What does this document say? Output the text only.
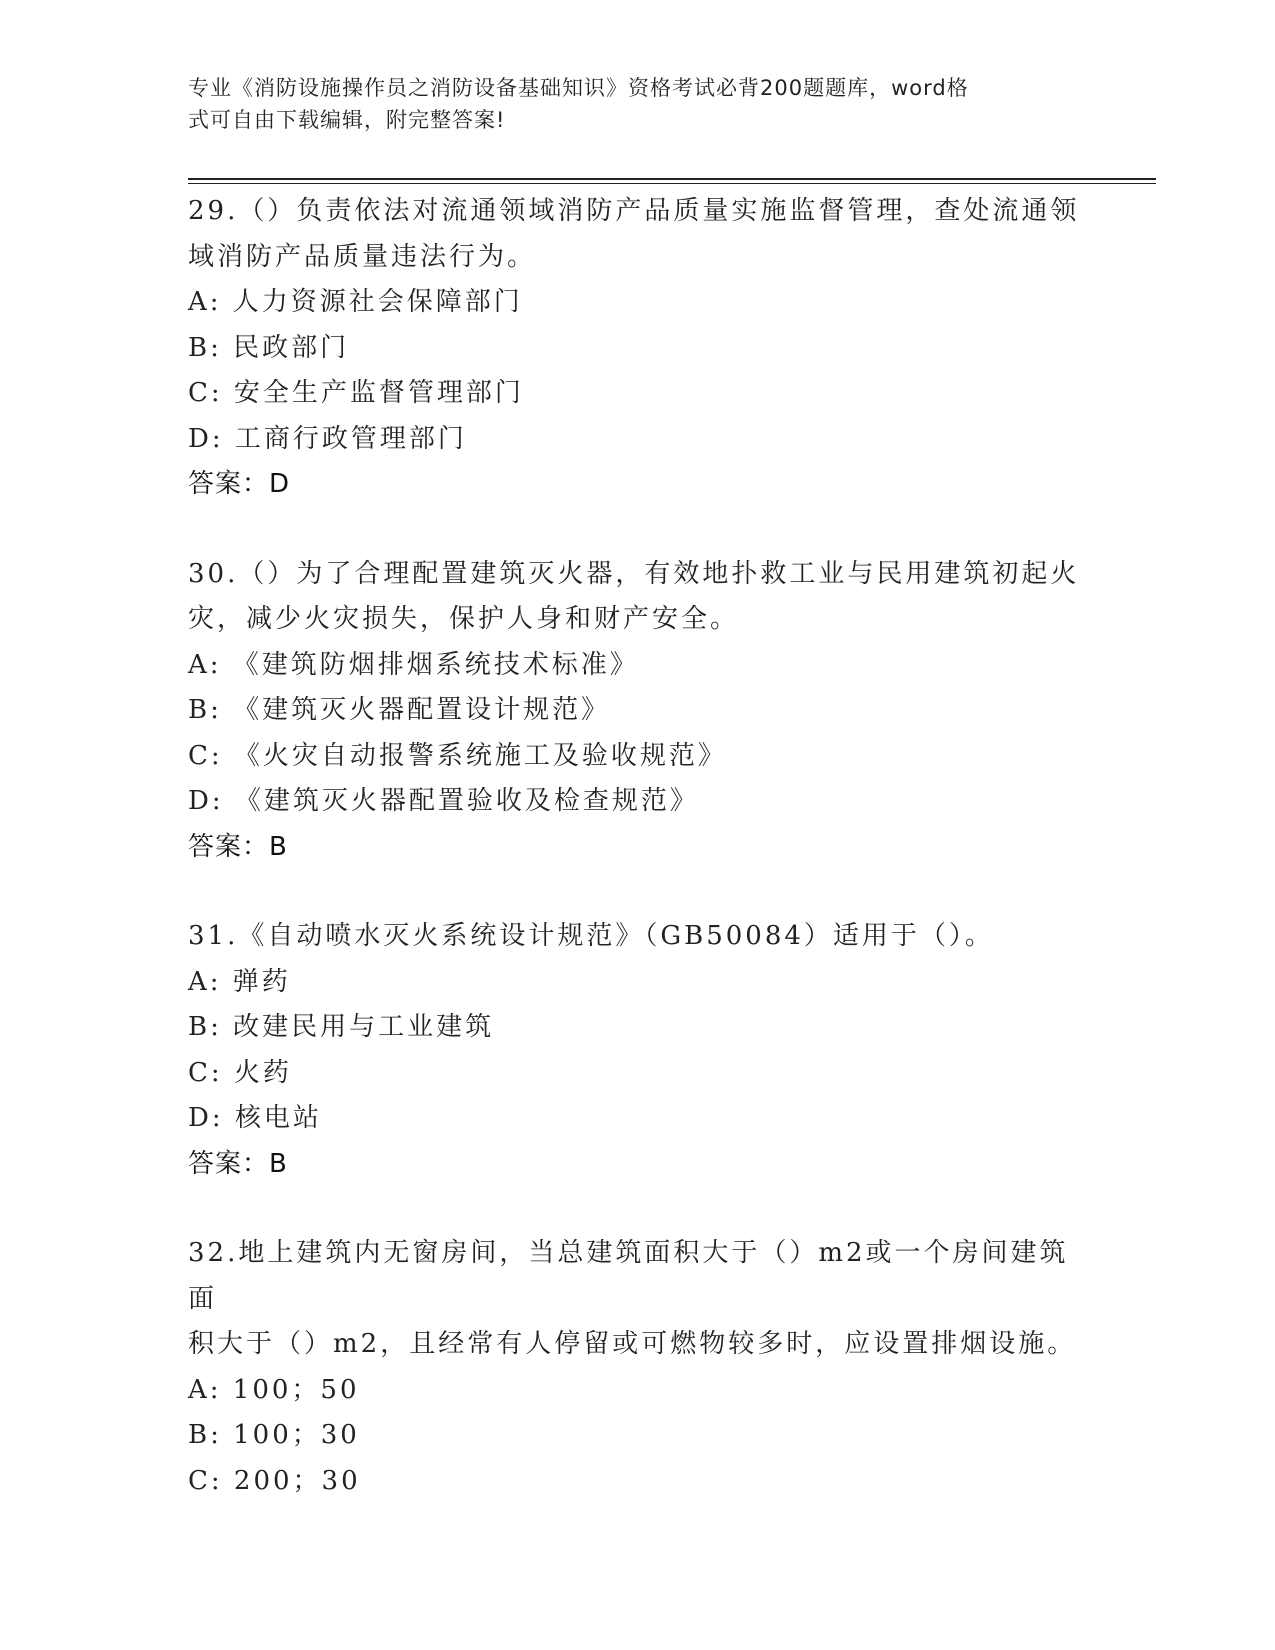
专业《消防设施操作员之消防设备基础知识》资格考试必背200题题库，word格
式可自由下载编辑，附完整答案!

29.（）负责依法对流通领域消防产品质量实施监督管理，查处流通领

域消防产品质量违法行为。

A: 人力资源社会保障部门

B: 民政部门

C: 安全生产监督管理部门

D: 工商行政管理部门

答案：D

30.（）为了合理配置建筑灭火器，有效地扑救工业与民用建筑初起火

灾，减少火灾损失，保护人身和财产安全。

A: 《建筑防烟排烟系统技术标准》

B: 《建筑灭火器配置设计规范》

C: 《火灾自动报警系统施工及验收规范》

D: 《建筑灭火器配置验收及检查规范》

答案：B

31.《自动喷水灭火系统设计规范》（GB50084）适用于（）。

A: 弹药

B: 改建民用与工业建筑

C: 火药

D: 核电站

答案：B

32.地上建筑内无窗房间，当总建筑面积大于（）m2或一个房间建筑面

积大于（）m2，且经常有人停留或可燃物较多时，应设置排烟设施。

A: 100；50

B: 100；30

C: 200；30
